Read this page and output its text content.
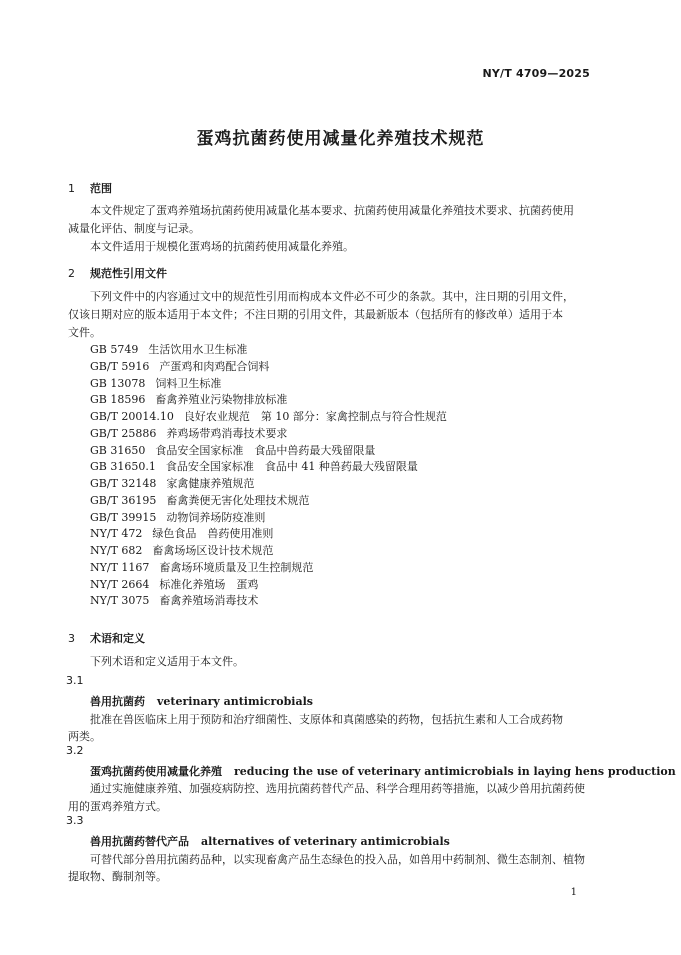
NY/T 4709—2025
蛋鸡抗菌药使用减量化养殖技术规范
1 范围
本文件规定了蛋鸡养殖场抗菌药使用减量化基本要求、抗菌药使用减量化养殖技术要求、抗菌药使用
减量化评估、制度与记录。
本文件适用于规模化蛋鸡场的抗菌药使用减量化养殖。
2 规范性引用文件
下列文件中的内容通过文中的规范性引用而构成本文件必不可少的条款。其中，注日期的引用文件，
仅该日期对应的版本适用于本文件；不注日期的引用文件，其最新版本（包括所有的修改单）适用于本
文件。
GB 5749 生活饮用水卫生标准
GB/T 5916 产蛋鸡和肉鸡配合饲料
GB 13078 饲料卫生标准
GB 18596 畜禽养殖业污染物排放标准
GB/T 20014.10 良好农业规范　第 10 部分：家禽控制点与符合性规范
GB/T 25886 养鸡场带鸡消毒技术要求
GB 31650 食品安全国家标准　食品中兽药最大残留限量
GB 31650.1 食品安全国家标准　食品中 41 种兽药最大残留限量
GB/T 32148 家禽健康养殖规范
GB/T 36195 畜禽粪便无害化处理技术规范
GB/T 39915 动物饲养场防疫准则
NY/T 472 绿色食品　兽药使用准则
NY/T 682 畜禽场场区设计技术规范
NY/T 1167 畜禽场环境质量及卫生控制规范
NY/T 2664 标准化养殖场　蛋鸡
NY/T 3075 畜禽养殖场消毒技术
3 术语和定义
下列术语和定义适用于本文件。
3.1
兽用抗菌药 veterinary antimicrobials
批准在兽医临床上用于预防和治疗细菌性、支原体和真菌感染的药物，包括抗生素和人工合成药物
两类。
3.2
蛋鸡抗菌药使用减量化养殖 reducing the use of veterinary antimicrobials in laying hens production
通过实施健康养殖、加强疫病防控、选用抗菌药替代产品、科学合理用药等措施，以减少兽用抗菌药使
用的蛋鸡养殖方式。
3.3
兽用抗菌药替代产品 alternatives of veterinary antimicrobials
可替代部分兽用抗菌药品种，以实现畜禽产品生态绿色的投入品，如兽用中药制剂、微生态制剂、植物
提取物、酶制剂等。
1
